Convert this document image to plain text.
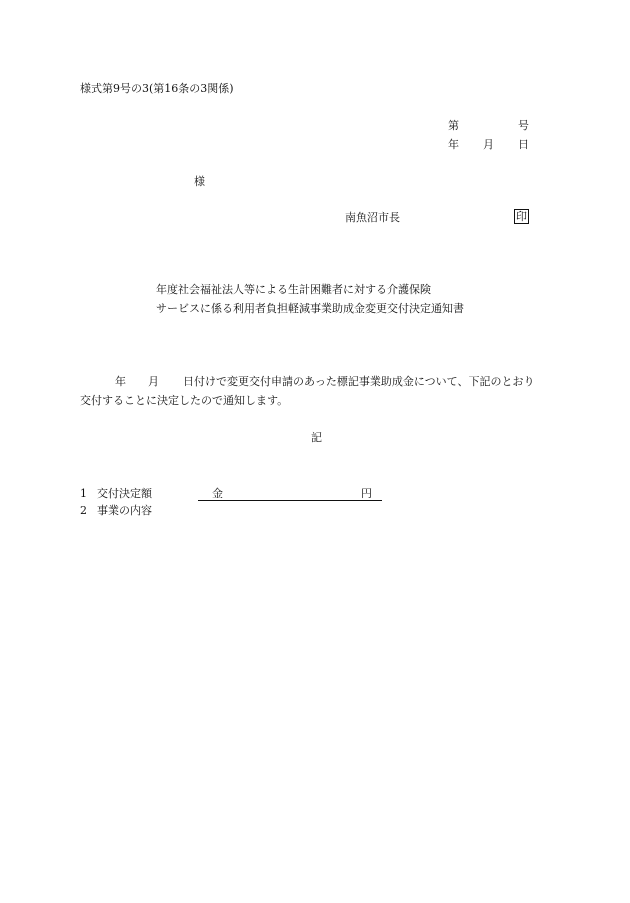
様式第9号の3(第16条の3関係)
第	号
年 月 日
様
南魚沼市長	印
年度社会福祉法人等による生計困難者に対する介護保険
サービスに係る利用者負担軽減事業助成金変更交付決定通知書
年 月 日付けで変更交付申請のあった標記事業助成金について、下記のとおり
交付することに決定したので通知します。
記
1 交付決定額	金	円
2 事業の内容
